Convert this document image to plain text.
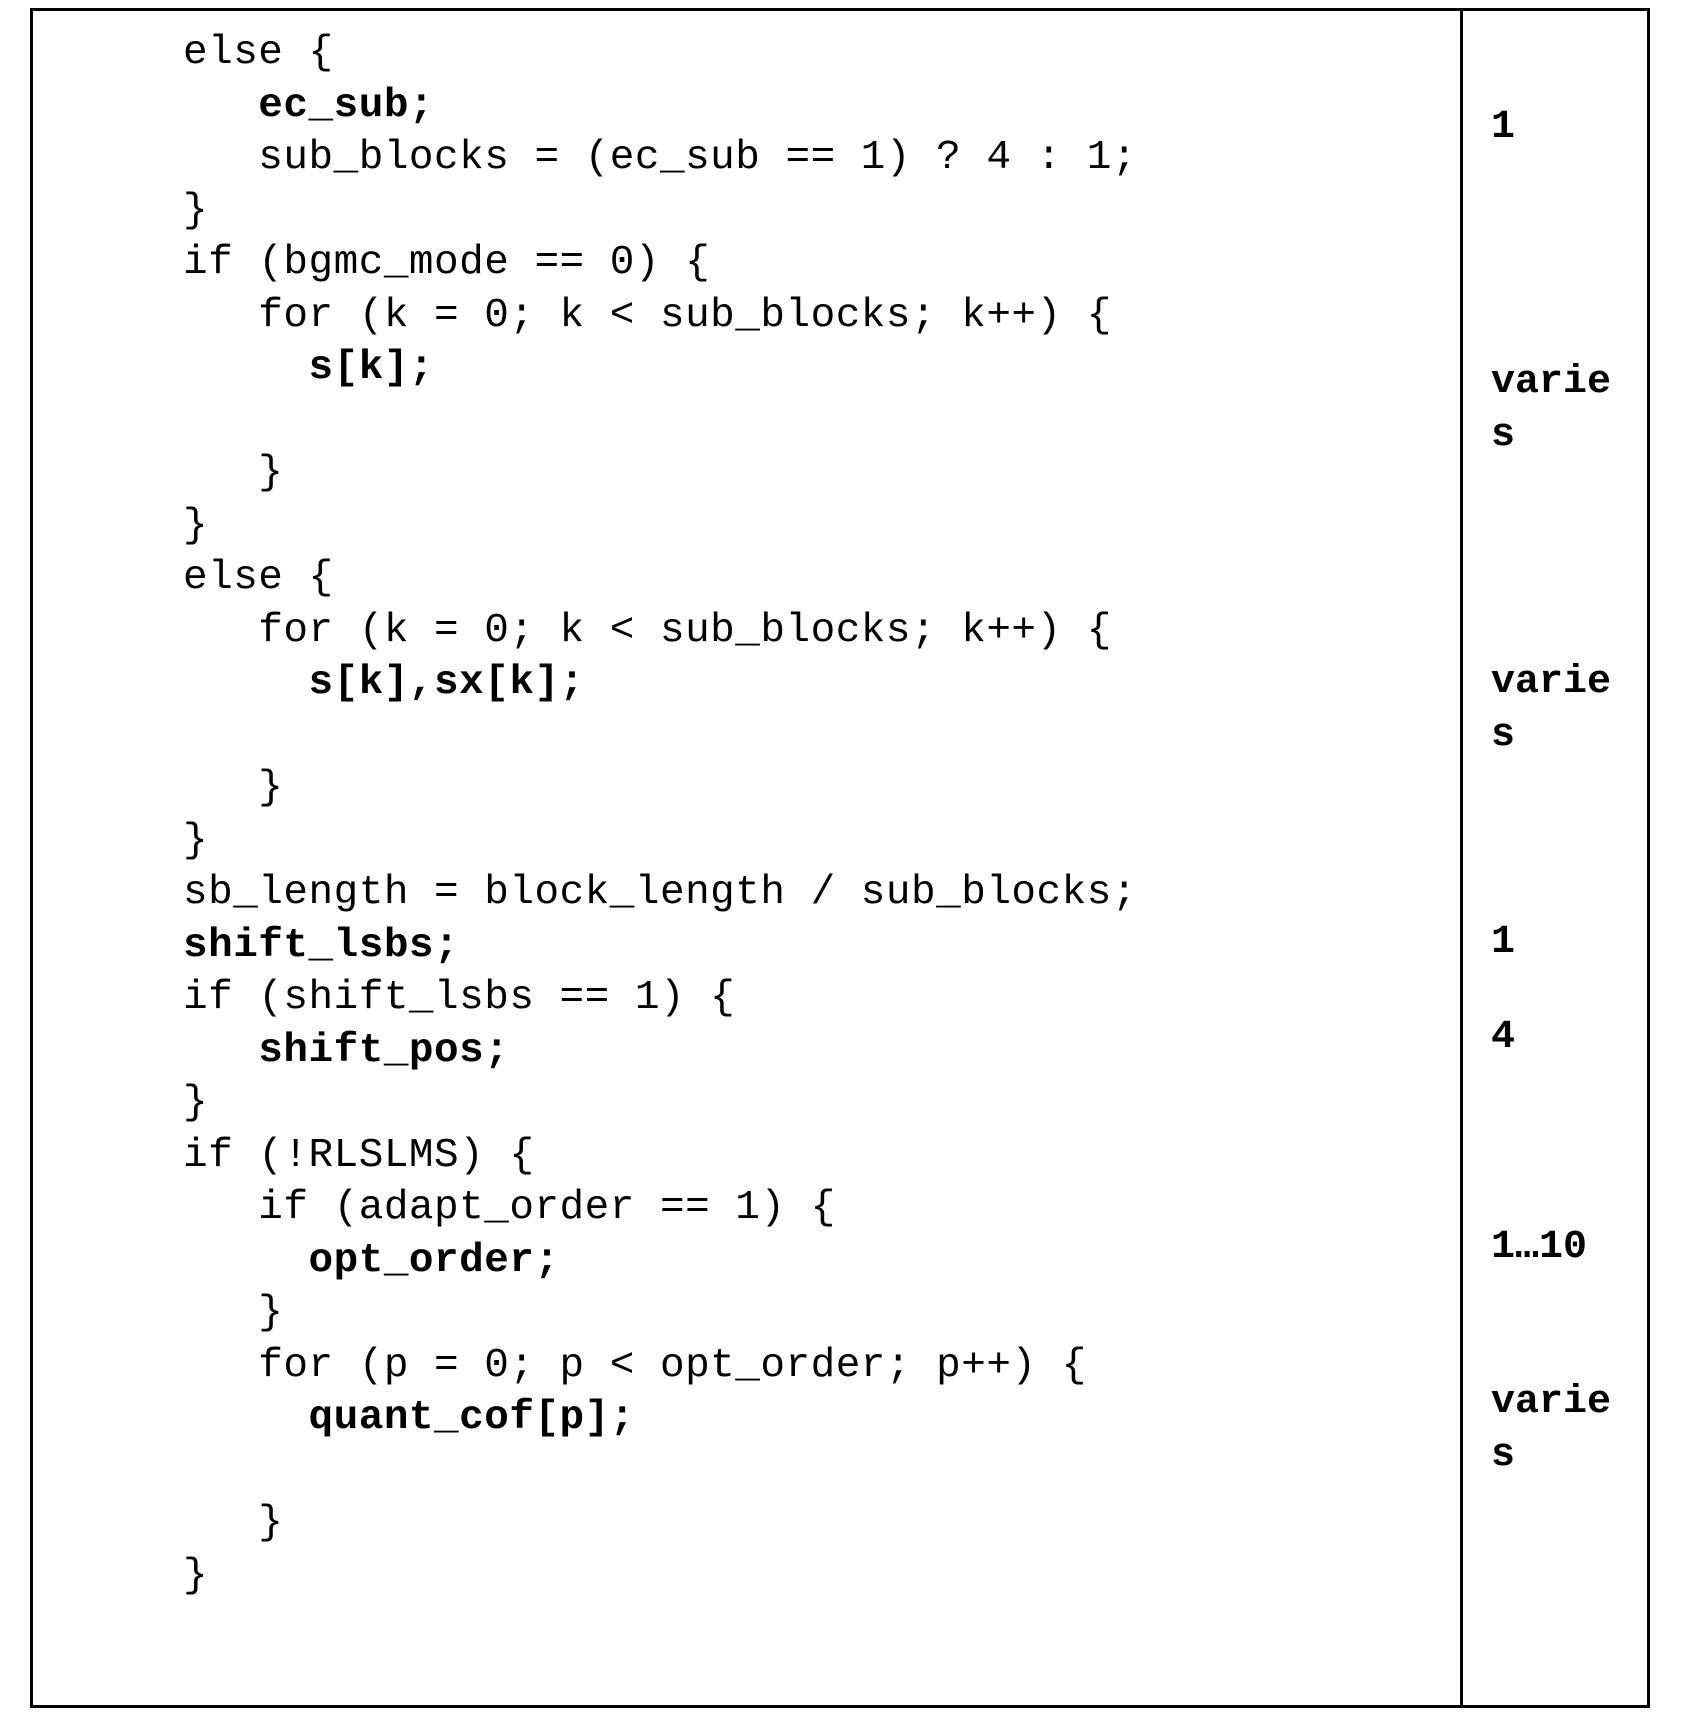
else {
ec_sub;
sub_blocks = (ec_sub == 1) ? 4 : 1;
}
if (bgmc_mode == 0) {
for (k = 0; k < sub_blocks; k++) {
s[k];

}
}
else {
for (k = 0; k < sub_blocks; k++) {
s[k],sx[k];

}
}
sb_length = block_length / sub_blocks;
shift_lsbs;
if (shift_lsbs == 1) {
shift_pos;
}
if (!RLSLMS) {
if (adapt_order == 1) {
opt_order;
}
for (p = 0; p < opt_order; p++) {
quant_cof[p];

}
}
1
varie
s
varie
s
1
4
1…10
varie
s
